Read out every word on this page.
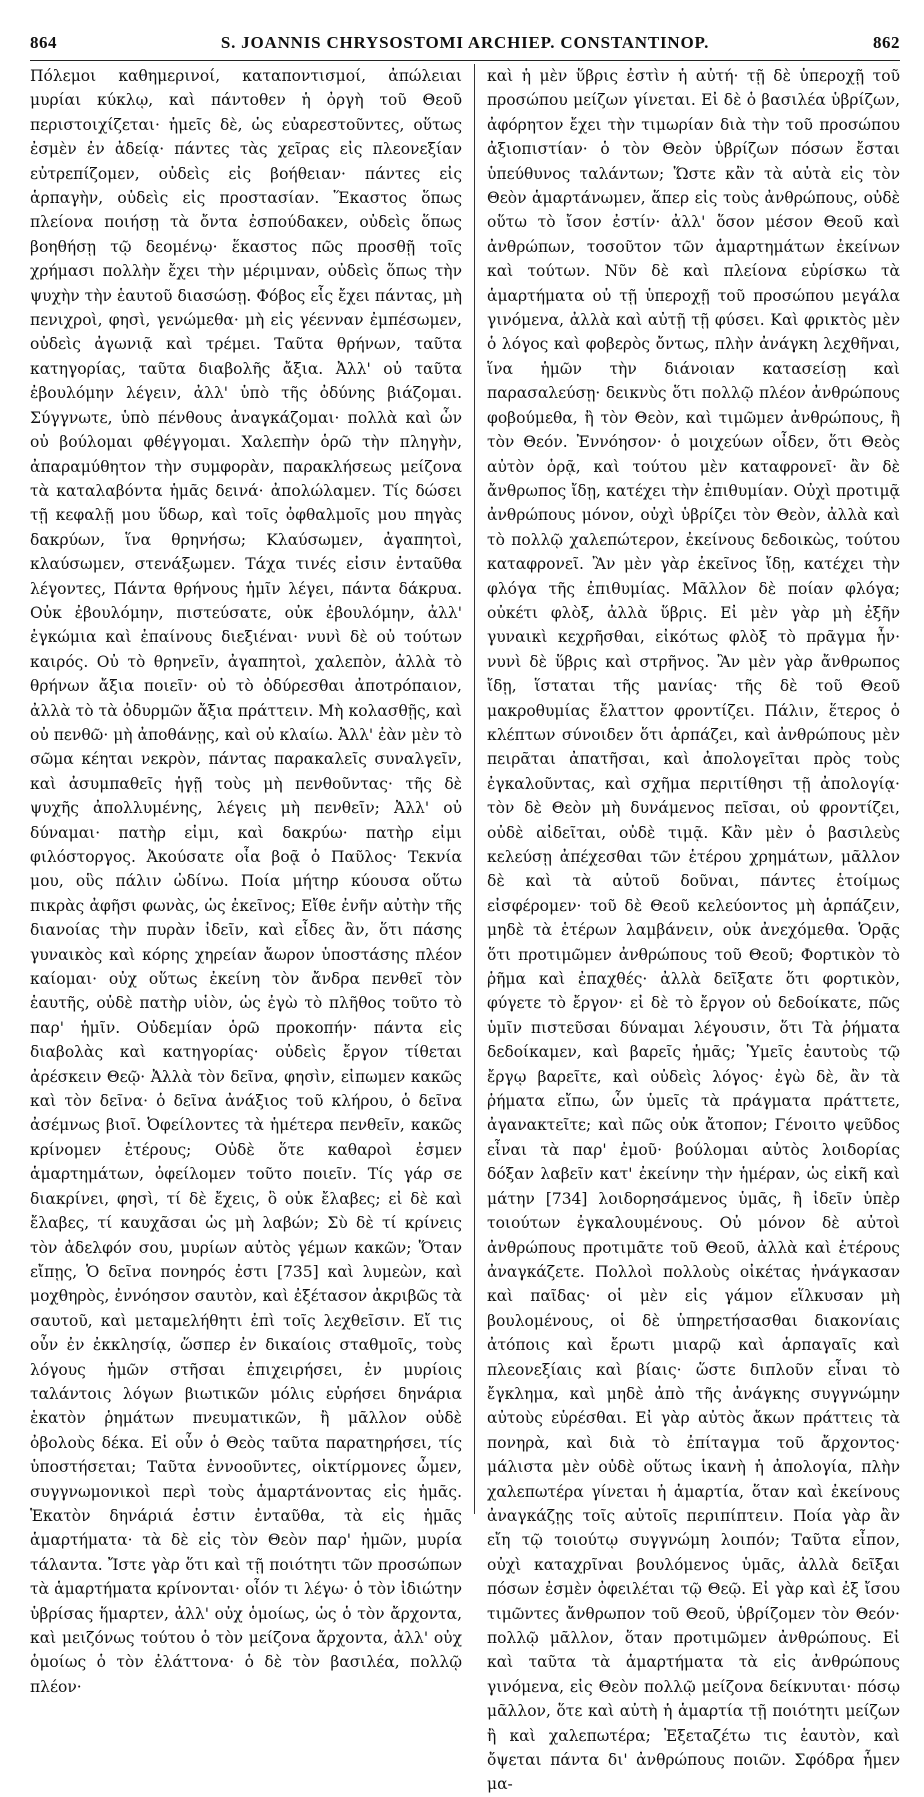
864	S. JOANNIS CHRYSOSTOMI ARCHIEP. CONSTANTINOP.	862

Πόλεμοι καθημερινοί, καταποντισμοί, ἀπώλειαι μυρίαι κύκλῳ, καὶ πάντοθεν ἡ ὀργὴ τοῦ Θεοῦ περιστοιχίζεται· ἡμεῖς δὲ, ὡς εὐαρεστοῦντες, οὕτως ἐσμὲν ἐν ἀδείᾳ· πάντες τὰς χεῖρας εἰς πλεονεξίαν εὐτρεπίζομεν, οὐδεὶς εἰς βοήθειαν· πάντες εἰς ἁρπαγὴν, οὐδεὶς εἰς προστασίαν. Ἕκαστος ὅπως πλείονα ποιήσῃ τὰ ὄντα ἐσπούδακεν, οὐδεὶς ὅπως βοηθήσῃ τῷ δεομένῳ· ἕκαστος πῶς προσθῇ τοῖς χρήμασι πολλὴν ἔχει τὴν μέριμναν, οὐδεὶς ὅπως τὴν ψυχὴν τὴν ἑαυτοῦ διασώσῃ. Φόβος εἷς ἔχει πάντας, μὴ πενιχροὶ, φησὶ, γενώμεθα· μὴ εἰς γέενναν ἐμπέσωμεν, οὐδεὶς ἀγωνιᾷ καὶ τρέμει. Ταῦτα θρήνων, ταῦτα κατηγορίας, ταῦτα διαβολῆς ἄξια. Ἀλλ' οὐ ταῦτα ἐβουλόμην λέγειν, ἀλλ' ὑπὸ τῆς ὀδύνης βιάζομαι. Σύγγνωτε, ὑπὸ πένθους ἀναγκάζομαι· πολλὰ καὶ ὧν οὐ βούλομαι φθέγγομαι. Χαλεπὴν ὁρῶ τὴν πληγὴν, ἀπαραμύθητον τὴν συμφορὰν, παρακλήσεως μείζονα τὰ καταλαβόντα ἡμᾶς δεινά· ἀπολώλαμεν. Τίς δώσει τῇ κεφαλῇ μου ὕδωρ, καὶ τοῖς ὀφθαλμοῖς μου πηγὰς δακρύων, ἵνα θρηνήσω; Κλαύσωμεν, ἀγαπητοὶ, κλαύσωμεν, στενάξωμεν. Τάχα τινές εἰσιν ἐνταῦθα λέγοντες, Πάντα θρήνους ἡμῖν λέγει, πάντα δάκρυα. Οὐκ ἐβουλόμην, πιστεύσατε, οὐκ ἐβουλόμην, ἀλλ' ἐγκώμια καὶ ἐπαίνους διεξιέναι· νυνὶ δὲ οὐ τούτων καιρός. Οὐ τὸ θρηνεῖν, ἀγαπητοὶ, χαλεπὸν, ἀλλὰ τὸ θρήνων ἄξια ποιεῖν· οὐ τὸ ὀδύρεσθαι ἀποτρόπαιον, ἀλλὰ τὸ τὰ ὀδυρμῶν ἄξια πράττειν. Μὴ κολασθῇς, καὶ οὐ πενθῶ· μὴ ἀποθάνῃς, καὶ οὐ κλαίω. Ἀλλ' ἐὰν μὲν τὸ σῶμα κέηται νεκρὸν, πάντας παρακαλεῖς συναλγεῖν, καὶ ἀσυμπαθεῖς ἡγῇ τοὺς μὴ πενθοῦντας· τῆς δὲ ψυχῆς ἀπολλυμένης, λέγεις μὴ πενθεῖν; Ἀλλ' οὐ δύναμαι· πατὴρ εἰμι, καὶ δακρύω· πατὴρ εἰμι φιλόστοργος. Ἀκούσατε οἷα βοᾷ ὁ Παῦλος· Τεκνία μου, οὓς πάλιν ὠδίνω. Ποία μήτηρ κύουσα οὕτω πικρὰς ἀφῆσι φωνὰς, ὡς ἐκεῖνος; Εἴθε ἐνῆν αὐτὴν τῆς διανοίας τὴν πυρὰν ἰδεῖν, καὶ εἶδες ἂν, ὅτι πάσης γυναικὸς καὶ κόρης χηρείαν ἄωρον ὑποστάσης πλέον καίομαι· οὐχ οὕτως ἐκείνη τὸν ἄνδρα πενθεῖ τὸν ἑαυτῆς, οὐδὲ πατὴρ υἱὸν, ὡς ἐγὼ τὸ πλῆθος τοῦτο τὸ παρ' ἡμῖν. Οὐδεμίαν ὁρῶ προκοπήν· πάντα εἰς διαβολὰς καὶ κατηγορίας· οὐδεὶς ἔργον τίθεται ἀρέσκειν Θεῷ· Ἀλλὰ τὸν δεῖνα, φησὶν, εἰπωμεν κακῶς καὶ τὸν δεῖνα· ὁ δεῖνα ἀνάξιος τοῦ κλήρου, ὁ δεῖνα ἀσέμνως βιοῖ. Ὀφείλοντες τὰ ἡμέτερα πενθεῖν, κακῶς κρίνομεν ἑτέρους; Οὐδὲ ὅτε καθαροὶ ἐσμεν ἁμαρτημάτων, ὀφείλομεν τοῦτο ποιεῖν. Τίς γάρ σε διακρίνει, φησὶ, τί δὲ ἔχεις, ὃ οὐκ ἔλαβες; εἰ δὲ καὶ ἔλαβες, τί καυχᾶσαι ὡς μὴ λαβών; Σὺ δὲ τί κρίνεις τὸν ἀδελφόν σου, μυρίων αὐτὸς γέμων κακῶν; Ὅταν εἴπῃς, Ὁ δεῖνα πονηρός ἐστι [735] καὶ λυμεὼν, καὶ μοχθηρὸς, ἐννόησον σαυτὸν, καὶ ἐξέτασον ἀκριβῶς τὰ σαυτοῦ, καὶ μεταμελήθητι ἐπὶ τοῖς λεχθεῖσιν. Εἴ τις οὖν ἐν ἐκκλησίᾳ, ὥσπερ ἐν δικαίοις σταθμοῖς, τοὺς λόγους ἡμῶν στῆσαι ἐπιχειρήσει, ἐν μυρίοις ταλάντοις λόγων βιωτικῶν μόλις εὑρήσει δηνάρια ἑκατὸν ῥημάτων πνευματικῶν, ἢ μᾶλλον οὐδὲ ὀβολοὺς δέκα. Εἰ οὖν ὁ Θεὸς ταῦτα παρατηρήσει, τίς ὑποστήσεται; Ταῦτα ἐννοοῦντες, οἰκτίρμονες ὦμεν, συγγνωμονικοὶ περὶ τοὺς ἁμαρτάνοντας εἰς ἡμᾶς. Ἑκατὸν δηνάριά ἐστιν ἐνταῦθα, τὰ εἰς ἡμᾶς ἁμαρτήματα· τὰ δὲ εἰς τὸν Θεὸν παρ' ἡμῶν, μυρία τάλαντα. Ἴστε γὰρ ὅτι καὶ τῇ ποιότητι τῶν προσώπων τὰ ἁμαρτήματα κρίνονται· οἷόν τι λέγω· ὁ τὸν ἰδιώτην ὑβρίσας ἥμαρτεν, ἀλλ' οὐχ ὁμοίως, ὡς ὁ τὸν ἄρχοντα, καὶ μειζόνως τούτου ὁ τὸν μείζονα ἄρχοντα, ἀλλ' οὐχ ὁμοίως ὁ τὸν ἐλάττονα· ὁ δὲ τὸν βασιλέα, πολλῷ πλέον·

καὶ ἡ μὲν ὕβρις ἐστὶν ἡ αὐτή· τῇ δὲ ὑπεροχῇ τοῦ προσώπου μείζων γίνεται. Εἰ δὲ ὁ βασιλέα ὑβρίζων, ἀφόρητον ἔχει τὴν τιμωρίαν διὰ τὴν τοῦ προσώπου ἀξιοπιστίαν· ὁ τὸν Θεὸν ὑβρίζων πόσων ἔσται ὑπεύθυνος ταλάντων; Ὥστε κἂν τὰ αὐτὰ εἰς τὸν Θεὸν ἁμαρτάνωμεν, ἅπερ εἰς τοὺς ἀνθρώπους, οὐδὲ οὕτω τὸ ἴσον ἐστίν· ἀλλ' ὅσον μέσον Θεοῦ καὶ ἀνθρώπων, τοσοῦτον τῶν ἁμαρτημάτων ἐκείνων καὶ τούτων. Νῦν δὲ καὶ πλείονα εὑρίσκω τὰ ἁμαρτήματα οὐ τῇ ὑπεροχῇ τοῦ προσώπου μεγάλα γινόμενα, ἀλλὰ καὶ αὐτῇ τῇ φύσει. Καὶ φρικτὸς μὲν ὁ λόγος καὶ φοβερὸς ὄντως, πλὴν ἀνάγκη λεχθῆναι, ἵνα ἡμῶν τὴν διάνοιαν κατασείσῃ καὶ παρασαλεύσῃ· δεικνὺς ὅτι πολλῷ πλέον ἀνθρώπους φοβούμεθα, ἢ τὸν Θεὸν, καὶ τιμῶμεν ἀνθρώπους, ἢ τὸν Θεόν. Ἐννόησον· ὁ μοιχεύων οἶδεν, ὅτι Θεὸς αὐτὸν ὁρᾷ, καὶ τούτου μὲν καταφρονεῖ· ἂν δὲ ἄνθρωπος ἴδῃ, κατέχει τὴν ἐπιθυμίαν. Οὐχὶ προτιμᾷ ἀνθρώπους μόνον, οὐχὶ ὑβρίζει τὸν Θεὸν, ἀλλὰ καὶ τὸ πολλῷ χαλεπώτερον, ἐκείνους δεδοικὼς, τούτου καταφρονεῖ. Ἂν μὲν γὰρ ἐκεῖνος ἴδῃ, κατέχει τὴν φλόγα τῆς ἐπιθυμίας. Μᾶλλον δὲ ποίαν φλόγα; οὐκέτι φλὸξ, ἀλλὰ ὕβρις. Εἰ μὲν γὰρ μὴ ἐξῆν γυναικὶ κεχρῆσθαι, εἰκότως φλὸξ τὸ πρᾶγμα ἦν· νυνὶ δὲ ὕβρις καὶ στρῆνος. Ἂν μὲν γὰρ ἄνθρωπος ἴδῃ, ἵσταται τῆς μανίας· τῆς δὲ τοῦ Θεοῦ μακροθυμίας ἔλαττον φροντίζει. Πάλιν, ἕτερος ὁ κλέπτων σύνοιδεν ὅτι ἁρπάζει, καὶ ἀνθρώπους μὲν πειρᾶται ἀπατῆσαι, καὶ ἀπολογεῖται πρὸς τοὺς ἐγκαλοῦντας, καὶ σχῆμα περιτίθησι τῇ ἀπολογίᾳ· τὸν δὲ Θεὸν μὴ δυνάμενος πεῖσαι, οὐ φροντίζει, οὐδὲ αἰδεῖται, οὐδὲ τιμᾷ. Κἂν μὲν ὁ βασιλεὺς κελεύσῃ ἀπέχεσθαι τῶν ἑτέρου χρημάτων, μᾶλλον δὲ καὶ τὰ αὐτοῦ δοῦναι, πάντες ἑτοίμως εἰσφέρομεν· τοῦ δὲ Θεοῦ κελεύοντος μὴ ἁρπάζειν, μηδὲ τὰ ἑτέρων λαμβάνειν, οὐκ ἀνεχόμεθα. Ὁρᾷς ὅτι προτιμῶμεν ἀνθρώπους τοῦ Θεοῦ; Φορτικὸν τὸ ῥῆμα καὶ ἐπαχθές· ἀλλὰ δεῖξατε ὅτι φορτικὸν, φύγετε τὸ ἔργον· εἰ δὲ τὸ ἔργον οὐ δεδοίκατε, πῶς ὑμῖν πιστεῦσαι δύναμαι λέγουσιν, ὅτι Τὰ ῥήματα δεδοίκαμεν, καὶ βαρεῖς ἡμᾶς; Ὑμεῖς ἑαυτοὺς τῷ ἔργῳ βαρεῖτε, καὶ οὐδεὶς λόγος· ἐγὼ δὲ, ἂν τὰ ῥήματα εἴπω, ὧν ὑμεῖς τὰ πράγματα πράττετε, ἀγανακτεῖτε; καὶ πῶς οὐκ ἄτοπον; Γένοιτο ψεῦδος εἶναι τὰ παρ' ἐμοῦ· βούλομαι αὐτὸς λοιδορίας δόξαν λαβεῖν κατ' ἐκείνην τὴν ἡμέραν, ὡς εἰκῆ καὶ μάτην [734] λοιδορησάμενος ὑμᾶς, ἢ ἰδεῖν ὑπὲρ τοιούτων ἐγκαλουμένους. Οὐ μόνον δὲ αὐτοὶ ἀνθρώπους προτιμᾶτε τοῦ Θεοῦ, ἀλλὰ καὶ ἑτέρους ἀναγκάζετε. Πολλοὶ πολλοὺς οἰκέτας ἠνάγκασαν καὶ παῖδας· οἱ μὲν εἰς γάμον εἵλκυσαν μὴ βουλομένους, οἱ δὲ ὑπηρετήσασθαι διακονίαις ἀτόποις καὶ ἔρωτι μιαρῷ καὶ ἁρπαγαῖς καὶ πλεονεξίαις καὶ βίαις· ὥστε διπλοῦν εἶναι τὸ ἔγκλημα, καὶ μηδὲ ἀπὸ τῆς ἀνάγκης συγγνώμην αὐτοὺς εὑρέσθαι. Εἰ γὰρ αὐτὸς ἄκων πράττεις τὰ πονηρὰ, καὶ διὰ τὸ ἐπίταγμα τοῦ ἄρχοντος· μάλιστα μὲν οὐδὲ οὕτως ἱκανὴ ἡ ἀπολογία, πλὴν χαλεπωτέρα γίνεται ἡ ἁμαρτία, ὅταν καὶ ἐκείνους ἀναγκάζῃς τοῖς αὐτοῖς περιπίπτειν. Ποία γὰρ ἂν εἴη τῷ τοιούτῳ συγγνώμη λοιπόν; Ταῦτα εἶπον, οὐχὶ καταχρῖναι βουλόμενος ὑμᾶς, ἀλλὰ δεῖξαι πόσων ἐσμὲν ὀφειλέται τῷ Θεῷ. Εἰ γὰρ καὶ ἐξ ἴσου τιμῶντες ἄνθρωπον τοῦ Θεοῦ, ὑβρίζομεν τὸν Θεόν· πολλῷ μᾶλλον, ὅταν προτιμῶμεν ἀνθρώπους. Εἰ καὶ ταῦτα τὰ ἁμαρτήματα τὰ εἰς ἀνθρώπους γινόμενα, εἰς Θεὸν πολλῷ μείζονα δείκνυται· πόσῳ μᾶλλον, ὅτε καὶ αὐτὴ ἡ ἁμαρτία τῇ ποιότητι μείζων ἢ καὶ χαλεπωτέρα; Ἐξεταζέτω τις ἑαυτὸν, καὶ ὄψεται πάντα δι' ἀνθρώπους ποιῶν. Σφόδρα ἧμεν μα-
